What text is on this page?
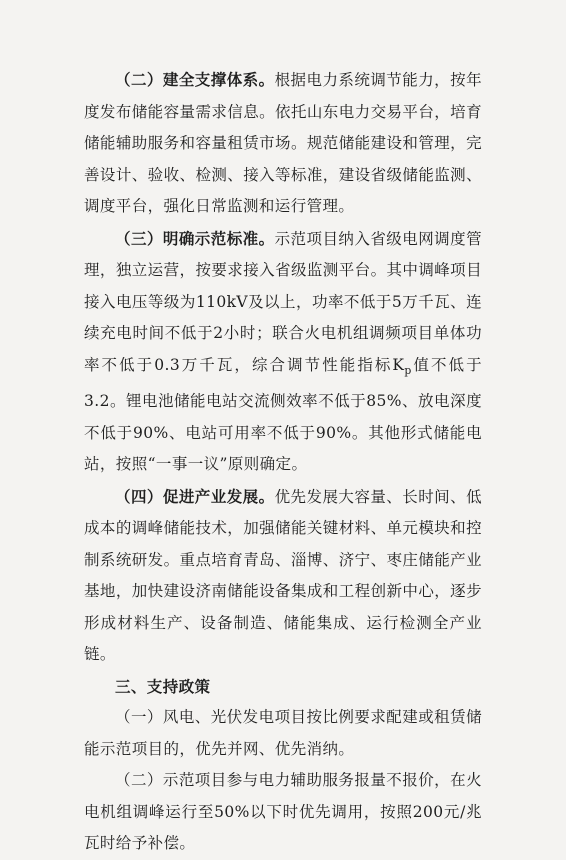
（二）建全支撑体系。根据电力系统调节能力，按年度发布储能容量需求信息。依托山东电力交易平台，培育储能辅助服务和容量租赁市场。规范储能建设和管理，完善设计、验收、检测、接入等标准，建设省级储能监测、调度平台，强化日常监测和运行管理。

（三）明确示范标准。示范项目纳入省级电网调度管理，独立运营，按要求接入省级监测平台。其中调峰项目接入电压等级为110kV及以上，功率不低于5万千瓦、连续充电时间不低于2小时；联合火电机组调频项目单体功率不低于0.3万千瓦，综合调节性能指标$K_p$值不低于3.2。锂电池储能电站交流侧效率不低于85%、放电深度不低于90%、电站可用率不低于90%。其他形式储能电站，按照“一事一议”原则确定。

（四）促进产业发展。优先发展大容量、长时间、低成本的调峰储能技术，加强储能关键材料、单元模块和控制系统研发。重点培育青岛、淄博、济宁、枣庄储能产业基地，加快建设济南储能设备集成和工程创新中心，逐步形成材料生产、设备制造、储能集成、运行检测全产业链。

三、支持政策

（一）风电、光伏发电项目按比例要求配建或租赁储能示范项目的，优先并网、优先消纳。

（二）示范项目参与电力辅助服务报量不报价，在火电机组调峰运行至50%以下时优先调用，按照200元/兆瓦时给予补偿。
